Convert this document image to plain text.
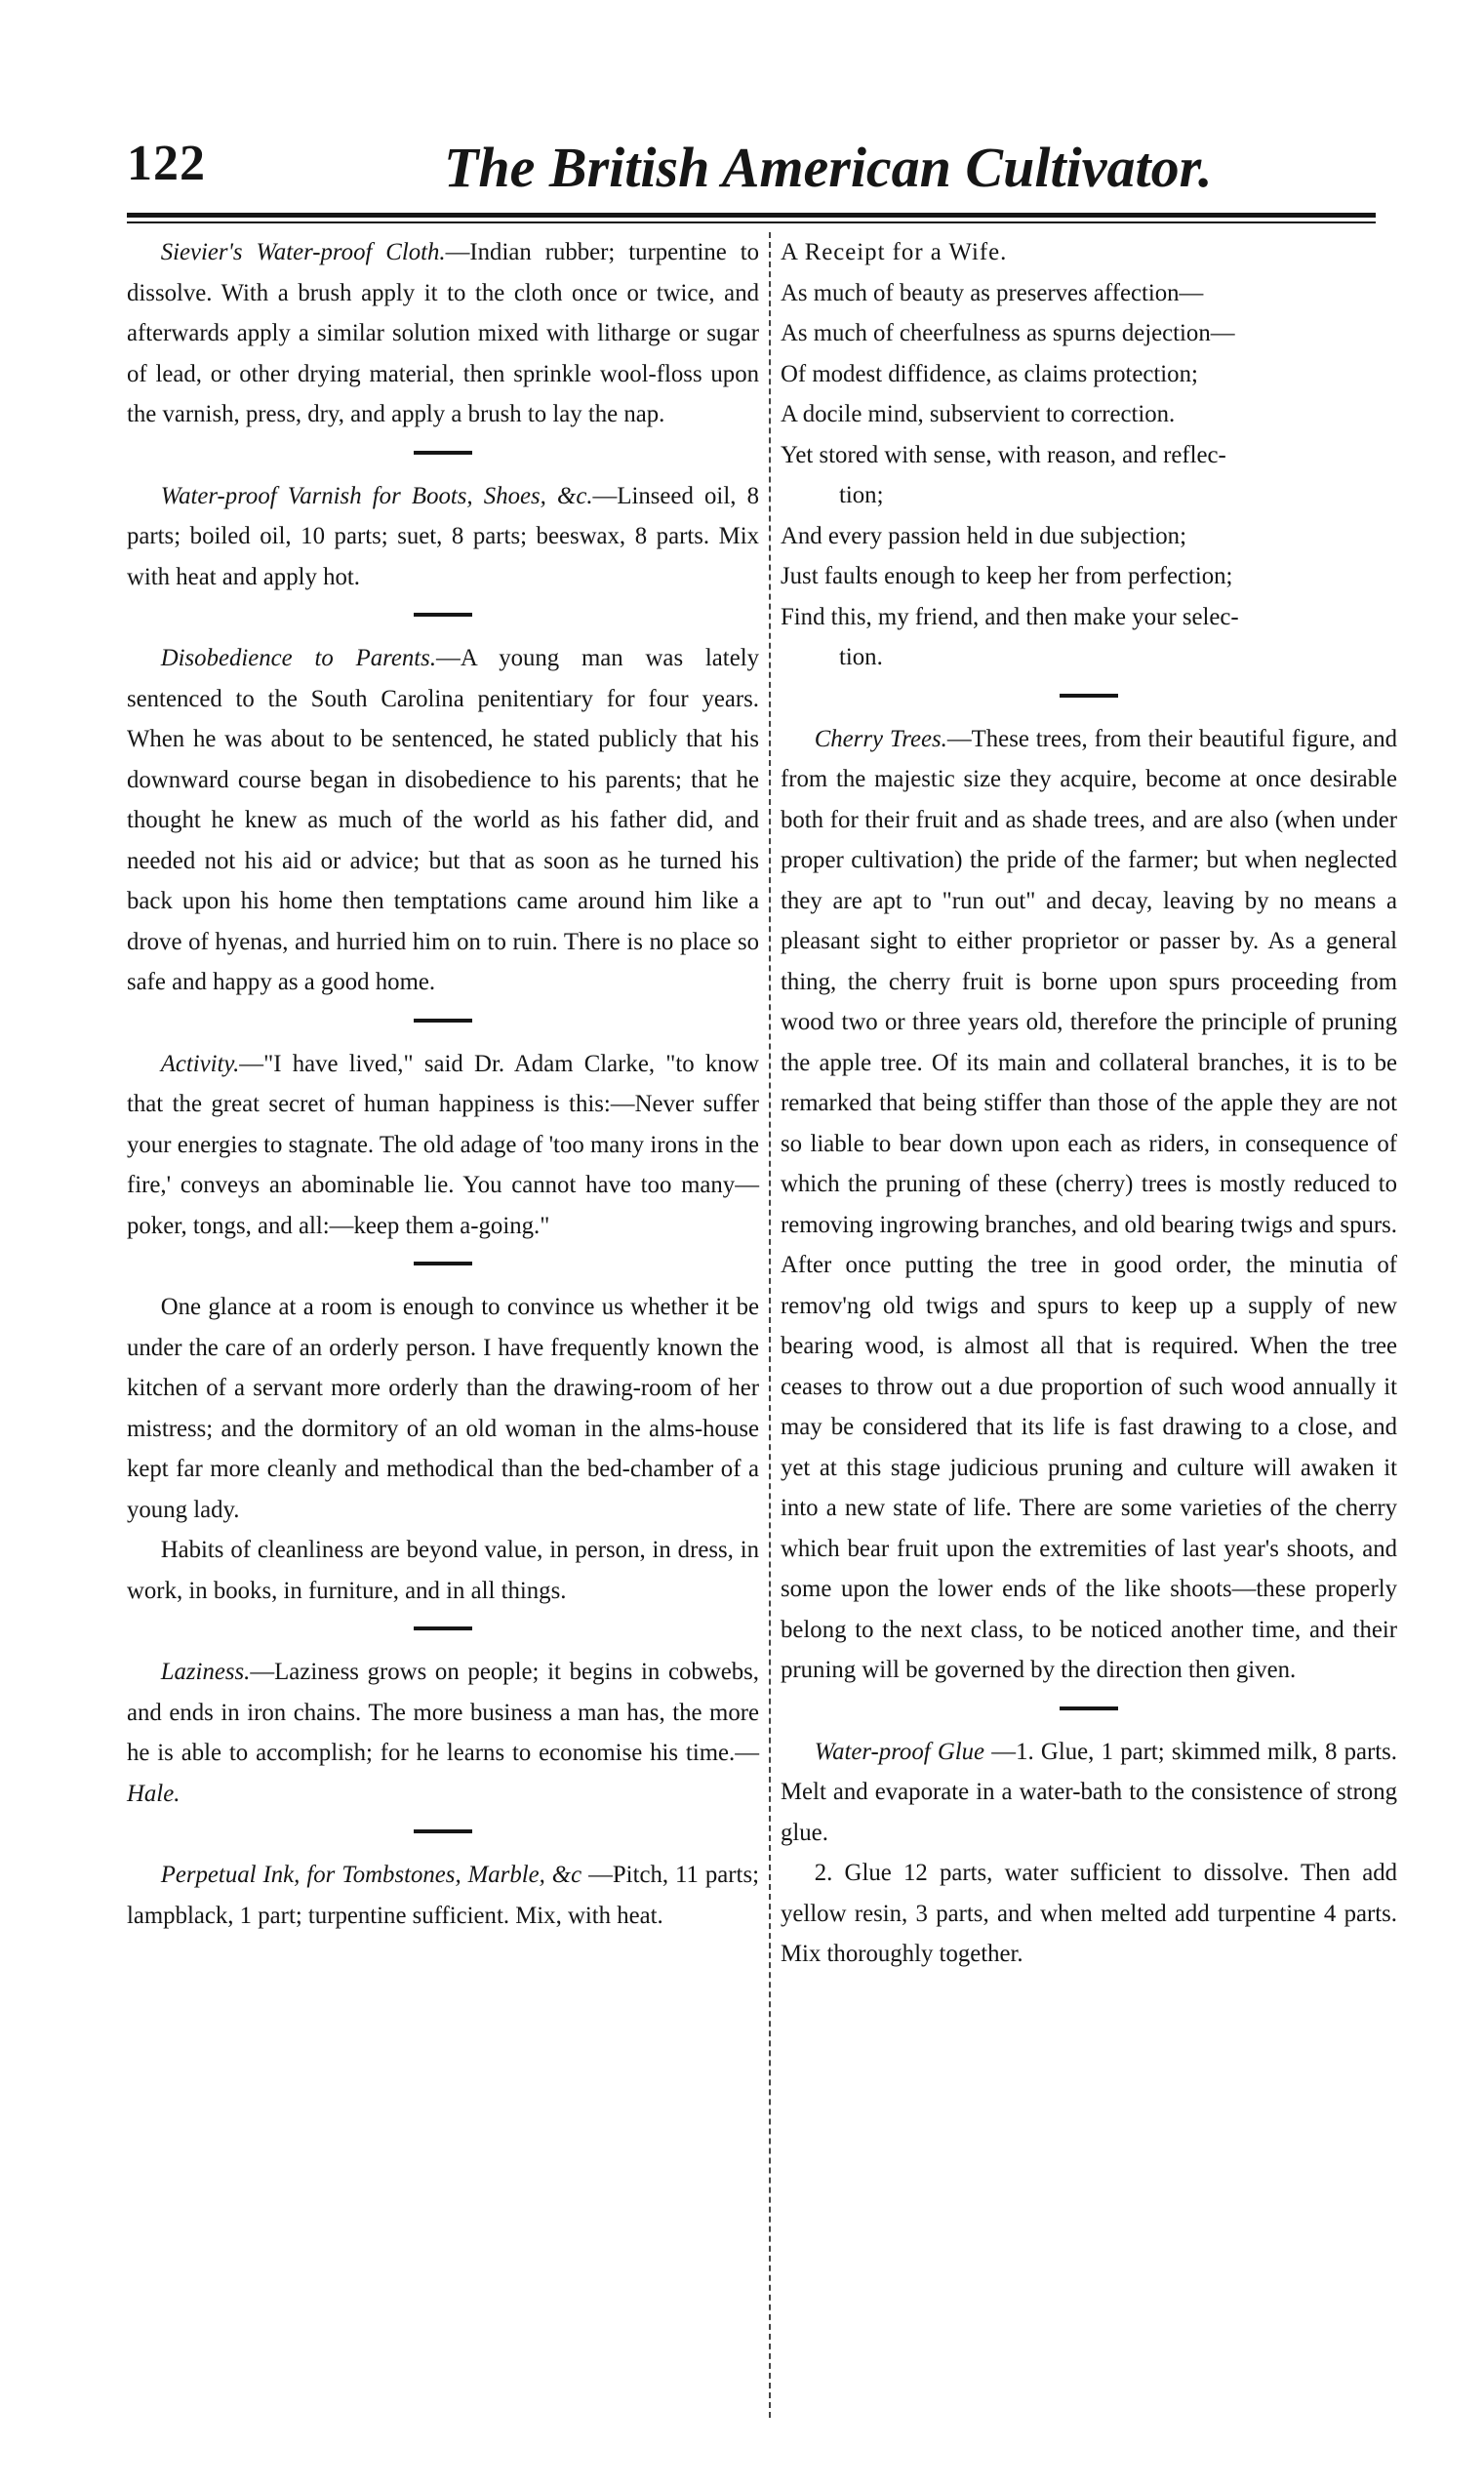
122	The British American Cultivator.

Sievier's Water-proof Cloth.—Indian rubber; turpentine to dissolve. With a brush apply it to the cloth once or twice, and afterwards apply a similar solution mixed with litharge or sugar of lead, or other drying material, then sprinkle wool-floss upon the varnish, press, dry, and apply a brush to lay the nap.

Water-proof Varnish for Boots, Shoes, &c.—Linseed oil, 8 parts; boiled oil, 10 parts; suet, 8 parts; beeswax, 8 parts. Mix with heat and apply hot.

Disobedience to Parents.—A young man was lately sentenced to the South Carolina penitentiary for four years. When he was about to be sentenced, he stated publicly that his downward course began in disobedience to his parents; that he thought he knew as much of the world as his father did, and needed not his aid or advice; but that as soon as he turned his back upon his home then temptations came around him like a drove of hyenas, and hurried him on to ruin. There is no place so safe and happy as a good home.

Activity.—"I have lived," said Dr. Adam Clarke, "to know that the great secret of human happiness is this:—Never suffer your energies to stagnate. The old adage of 'too many irons in the fire,' conveys an abominable lie. You cannot have too many—poker, tongs, and all:—keep them a-going."

One glance at a room is enough to convince us whether it be under the care of an orderly person. I have frequently known the kitchen of a servant more orderly than the drawing-room of her mistress; and the dormitory of an old woman in the alms-house kept far more cleanly and methodical than the bed-chamber of a young lady.

Habits of cleanliness are beyond value, in person, in dress, in work, in books, in furniture, and in all things.

Laziness.—Laziness grows on people; it begins in cobwebs, and ends in iron chains. The more business a man has, the more he is able to accomplish; for he learns to economise his time.—Hale.

Perpetual Ink, for Tombstones, Marble, &c —Pitch, 11 parts; lampblack, 1 part; turpentine sufficient. Mix, with heat.

A Receipt for a Wife.

As much of beauty as preserves affection—

As much of cheerfulness as spurns dejection—

Of modest diffidence, as claims protection;

A docile mind, subservient to correction.

Yet stored with sense, with reason, and reflec-

tion;

And every passion held in due subjection;

Just faults enough to keep her from perfection;

Find this, my friend, and then make your selec-

tion.

Cherry Trees.—These trees, from their beautiful figure, and from the majestic size they acquire, become at once desirable both for their fruit and as shade trees, and are also (when under proper cultivation) the pride of the farmer; but when neglected they are apt to "run out" and decay, leaving by no means a pleasant sight to either proprietor or passer by. As a general thing, the cherry fruit is borne upon spurs proceeding from wood two or three years old, therefore the principle of pruning the apple tree. Of its main and collateral branches, it is to be remarked that being stiffer than those of the apple they are not so liable to bear down upon each as riders, in consequence of which the pruning of these (cherry) trees is mostly reduced to removing ingrowing branches, and old bearing twigs and spurs. After once putting the tree in good order, the minutia of remov'ng old twigs and spurs to keep up a supply of new bearing wood, is almost all that is required. When the tree ceases to throw out a due proportion of such wood annually it may be considered that its life is fast drawing to a close, and yet at this stage judicious pruning and culture will awaken it into a new state of life. There are some varieties of the cherry which bear fruit upon the extremities of last year's shoots, and some upon the lower ends of the like shoots—these properly belong to the next class, to be noticed another time, and their pruning will be governed by the direction then given.

Water-proof Glue —1. Glue, 1 part; skimmed milk, 8 parts. Melt and evaporate in a water-bath to the consistence of strong glue.

2. Glue 12 parts, water sufficient to dissolve. Then add yellow resin, 3 parts, and when melted add turpentine 4 parts. Mix thoroughly together.
